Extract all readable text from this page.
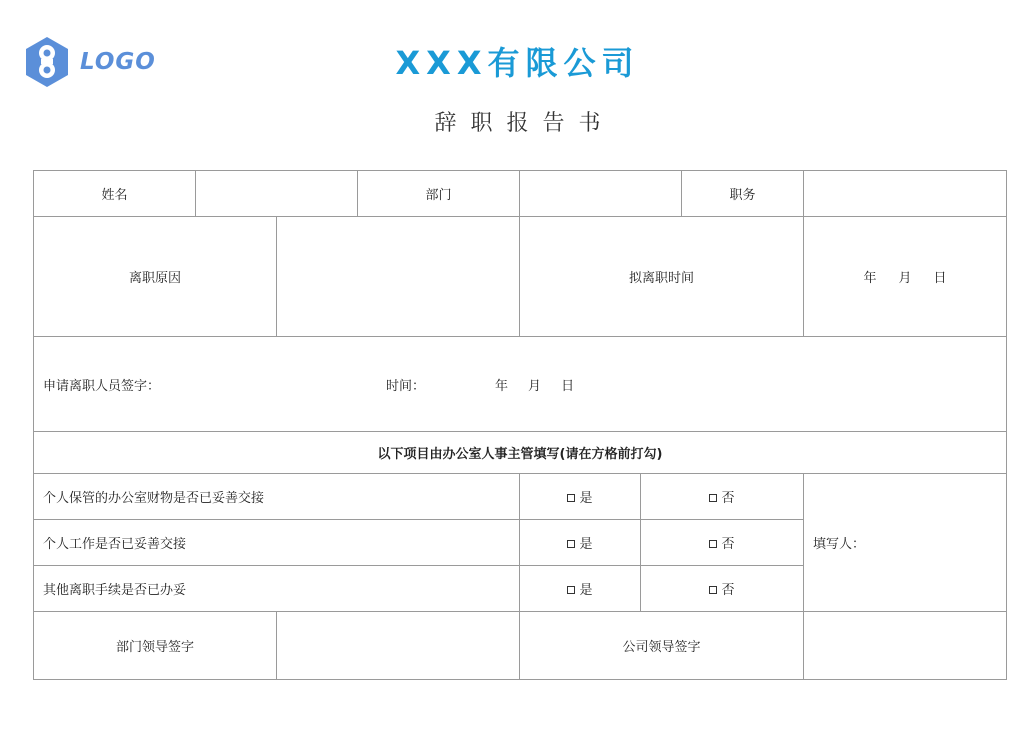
LOGO	XXX有限公司
辞职报告书
姓名			部门			职务	
离职原因				拟离职时间			年 月 日
申请离职人员签字： 时间： 年 月 日							
以下项目由办公室人事主管填写(请在方格前打勾)							
个人保管的办公室财物是否已妥善交接				是	否		填写人：
个人工作是否已妥善交接				是	否		
其他离职手续是否已办妥				是	否		
部门领导签字				公司领导签字			
